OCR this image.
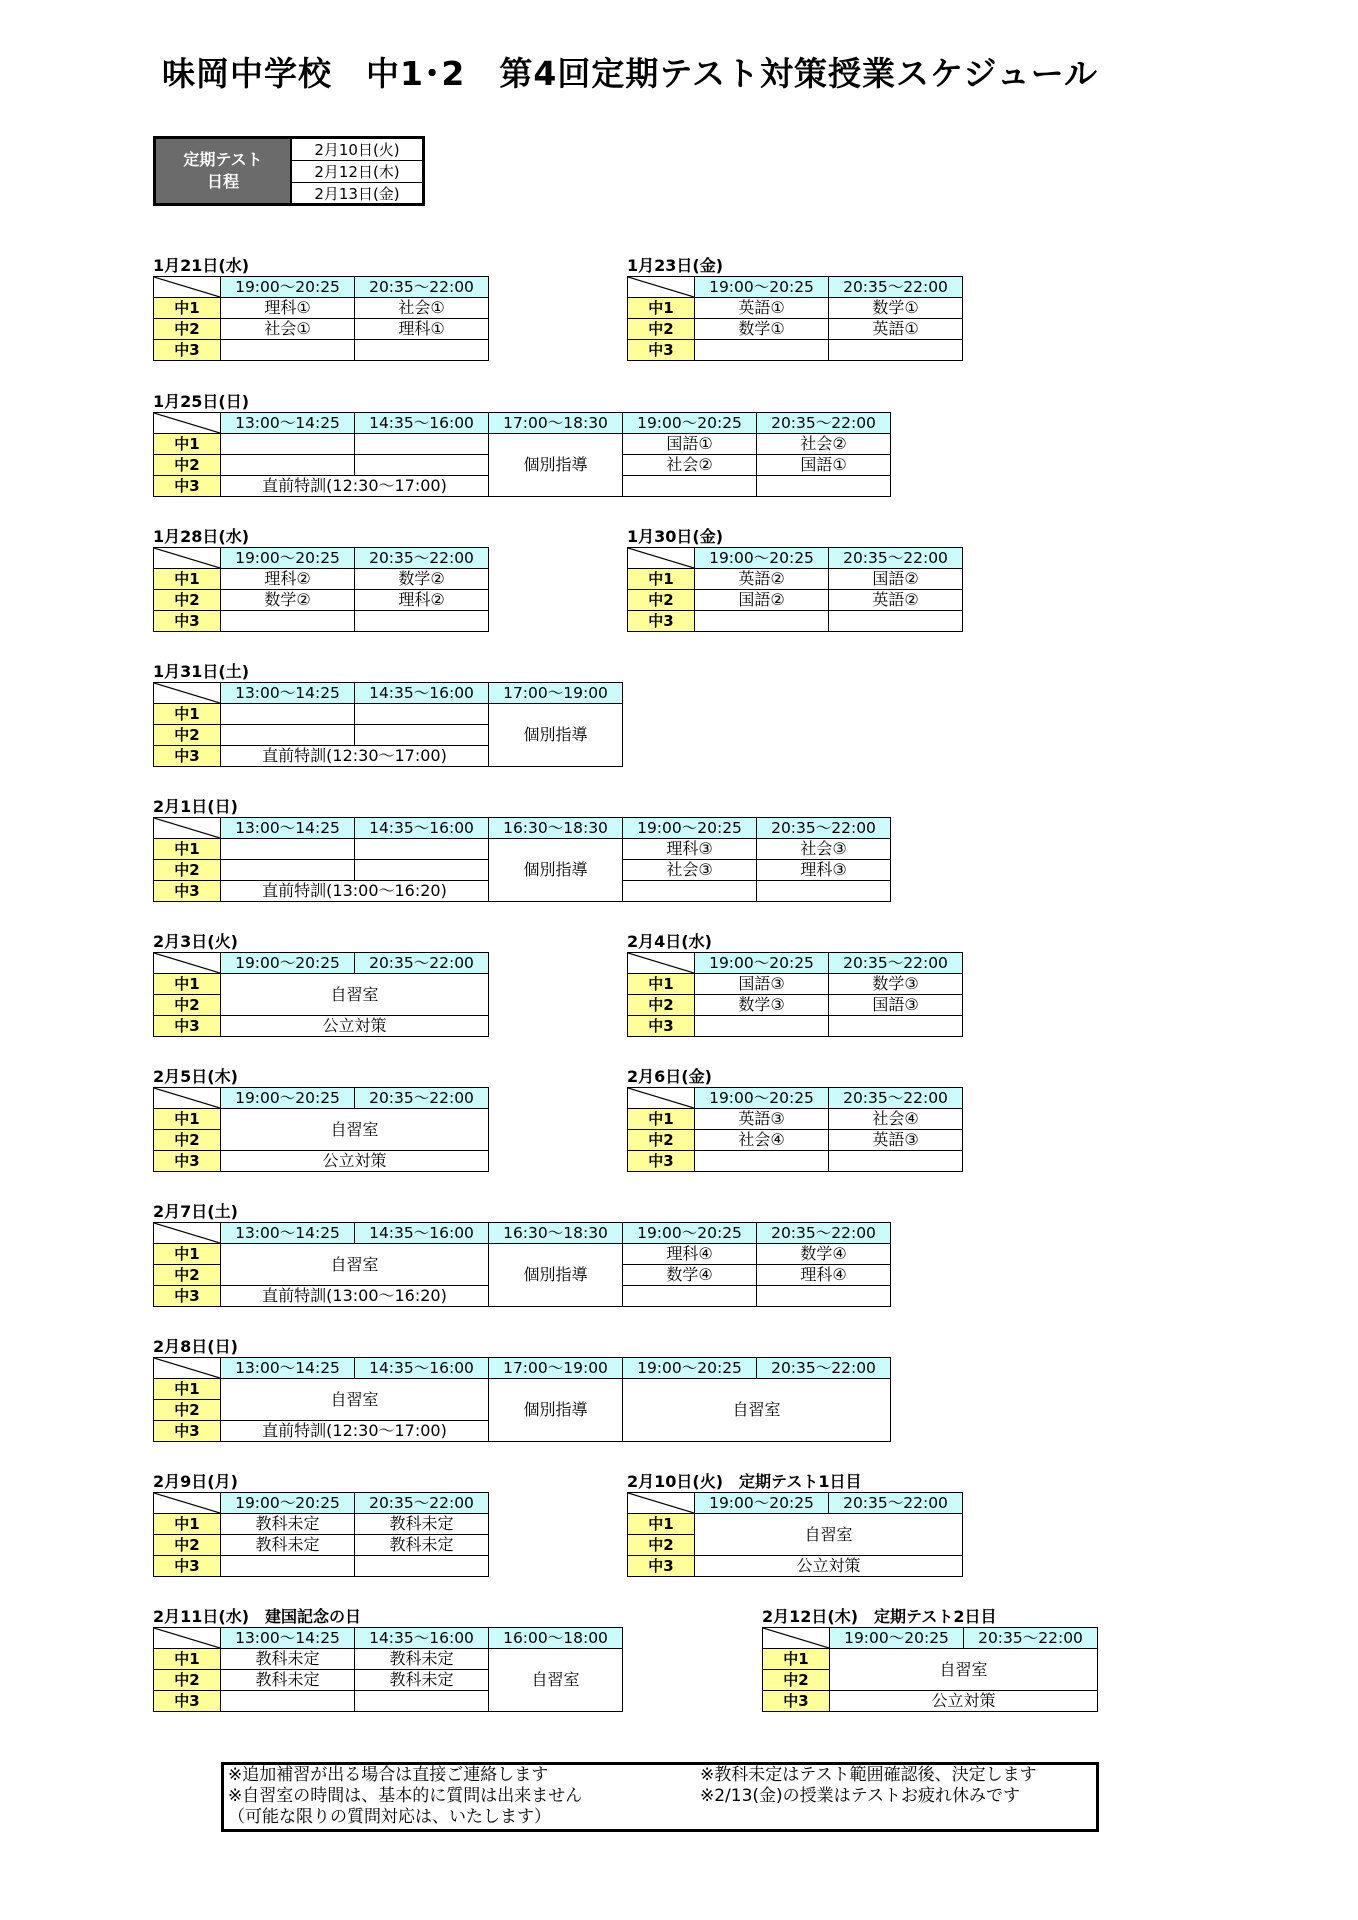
味岡中学校　中1･2　第4回定期テスト対策授業スケジュール
定期テスト
日程
2月10日(火)
2月12日(木)
2月13日(金)
1月21日(水)
	19:00～20:25	20:35～22:00
中1	理科①	社会①
中2	社会①	理科①
中3		
1月23日(金)
	19:00～20:25	20:35～22:00
中1	英語①	数学①
中2	数学①	英語①
中3		
1月25日(日)
	13:00～14:25	14:35～16:00	17:00～18:30	19:00～20:25	20:35～22:00
中1			個別指導	国語①	社会②
中2				社会②	国語①
中3	直前特訓(12:30～17:00)				
1月28日(水)
	19:00～20:25	20:35～22:00
中1	理科②	数学②
中2	数学②	理科②
中3		
1月30日(金)
	19:00～20:25	20:35～22:00
中1	英語②	国語②
中2	国語②	英語②
中3		
1月31日(土)
	13:00～14:25	14:35～16:00	17:00～19:00
中1			個別指導
中2			
中3	直前特訓(12:30～17:00)		
2月1日(日)
	13:00～14:25	14:35～16:00	16:30～18:30	19:00～20:25	20:35～22:00
中1			個別指導	理科③	社会③
中2				社会③	理科③
中3	直前特訓(13:00～16:20)				
2月3日(火)
	19:00～20:25	20:35～22:00
中1	自習室	
中2		
中3	公立対策	
2月4日(水)
	19:00～20:25	20:35～22:00
中1	国語③	数学③
中2	数学③	国語③
中3		
2月5日(木)
	19:00～20:25	20:35～22:00
中1	自習室	
中2		
中3	公立対策	
2月6日(金)
	19:00～20:25	20:35～22:00
中1	英語③	社会④
中2	社会④	英語③
中3		
2月7日(土)
	13:00～14:25	14:35～16:00	16:30～18:30	19:00～20:25	20:35～22:00
中1	自習室		個別指導	理科④	数学④
中2				数学④	理科④
中3	直前特訓(13:00～16:20)				
2月8日(日)
	13:00～14:25	14:35～16:00	17:00～19:00	19:00～20:25	20:35～22:00
中1	自習室		個別指導	自習室	
中2					
中3	直前特訓(12:30～17:00)				
2月9日(月)
	19:00～20:25	20:35～22:00
中1	教科未定	教科未定
中2	教科未定	教科未定
中3		
2月10日(火)　定期テスト1日目
	19:00～20:25	20:35～22:00
中1	自習室	
中2		
中3	公立対策	
2月11日(水)　建国記念の日
	13:00～14:25	14:35～16:00	16:00～18:00
中1	教科未定	教科未定	自習室
中2	教科未定	教科未定	
中3			
2月12日(木)　定期テスト2日目
	19:00～20:25	20:35～22:00
中1	自習室	
中2		
中3	公立対策	
※追加補習が出る場合は直接ご連絡します
※自習室の時間は、基本的に質問は出来ません
（可能な限りの質問対応は、いたします）
※教科未定はテスト範囲確認後、決定します
※2/13(金)の授業はテストお疲れ休みです
